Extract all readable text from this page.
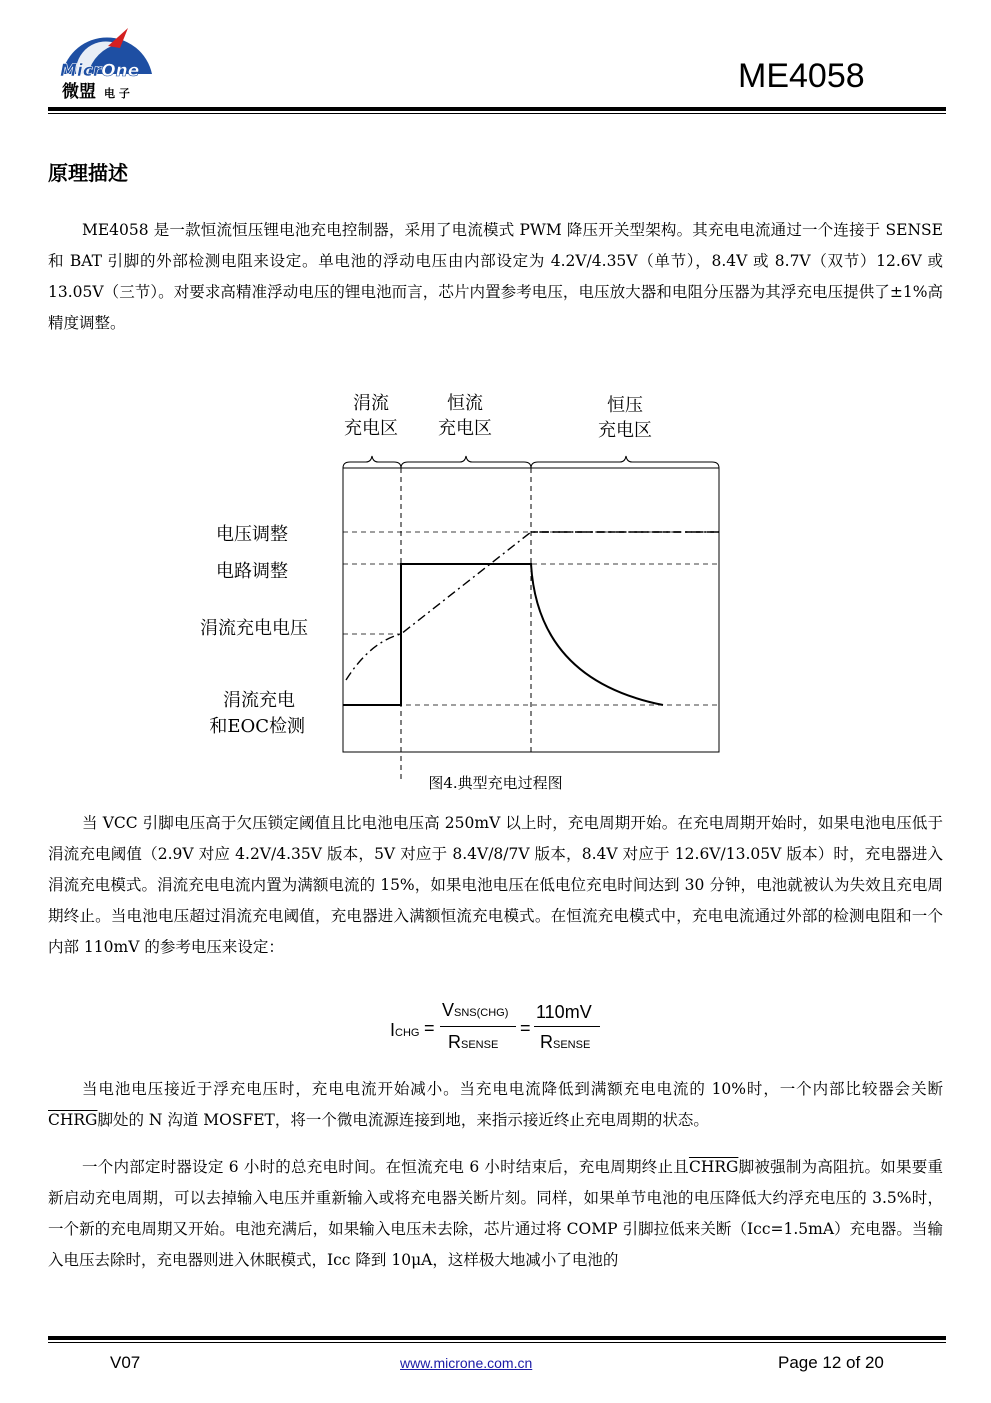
MicrOne
微盟 电 子	ME4058
原理描述

ME4058 是一款恒流恒压锂电池充电控制器，采用了电流模式 PWM 降压开关型架构。其充电电流通过一个连接于 SENSE 和 BAT 引脚的外部检测电阻来设定。单电池的浮动电压由内部设定为 4.2V/4.35V（单节），8.4V 或 8.7V（双节）12.6V 或 13.05V（三节）。对要求高精准浮动电压的锂电池而言，芯片内置参考电压，电压放大器和电阻分压器为其浮充电压提供了±1%高精度调整。

涓流
充电区
恒流
充电区
恒压
充电区
电压调整
电路调整
涓流充电电压
涓流充电
和EOC检测
图4.典型充电过程图

当 VCC 引脚电压高于欠压锁定阈值且比电池电压高 250mV 以上时，充电周期开始。在充电周期开始时，如果电池电压低于涓流充电阈值（2.9V 对应 4.2V/4.35V 版本，5V 对应于 8.4V/8/7V 版本，8.4V 对应于 12.6V/13.05V 版本）时，充电器进入涓流充电模式。涓流充电电流内置为满额电流的 15%，如果电池电压在低电位充电时间达到 30 分钟，电池就被认为失效且充电周期终止。当电池电压超过涓流充电阈值，充电器进入满额恒流充电模式。在恒流充电模式中，充电电流通过外部的检测电阻和一个内部 110mV 的参考电压来设定：

ICHG =
VSNS(CHG)
RSENSE
=
110mV
RSENSE

当电池电压接近于浮充电压时，充电电流开始减小。当充电电流降低到满额充电电流的 10%时，一个内部比较器会关断CHRG脚处的 N 沟道 MOSFET，将一个微电流源连接到地，来指示接近终止充电周期的状态。

一个内部定时器设定 6 小时的总充电时间。在恒流充电 6 小时结束后，充电周期终止且CHRG脚被强制为高阻抗。如果要重新启动充电周期，可以去掉输入电压并重新输入或将充电器关断片刻。同样，如果单节电池的电压降低大约浮充电压的 3.5%时，一个新的充电周期又开始。电池充满后，如果输入电压未去除，芯片通过将 COMP 引脚拉低来关断（Icc=1.5mA）充电器。当输入电压去除时，充电器则进入休眠模式，Icc 降到 10μA，这样极大地减小了电池的

V07	www.microne.com.cn	Page 12 of 20
